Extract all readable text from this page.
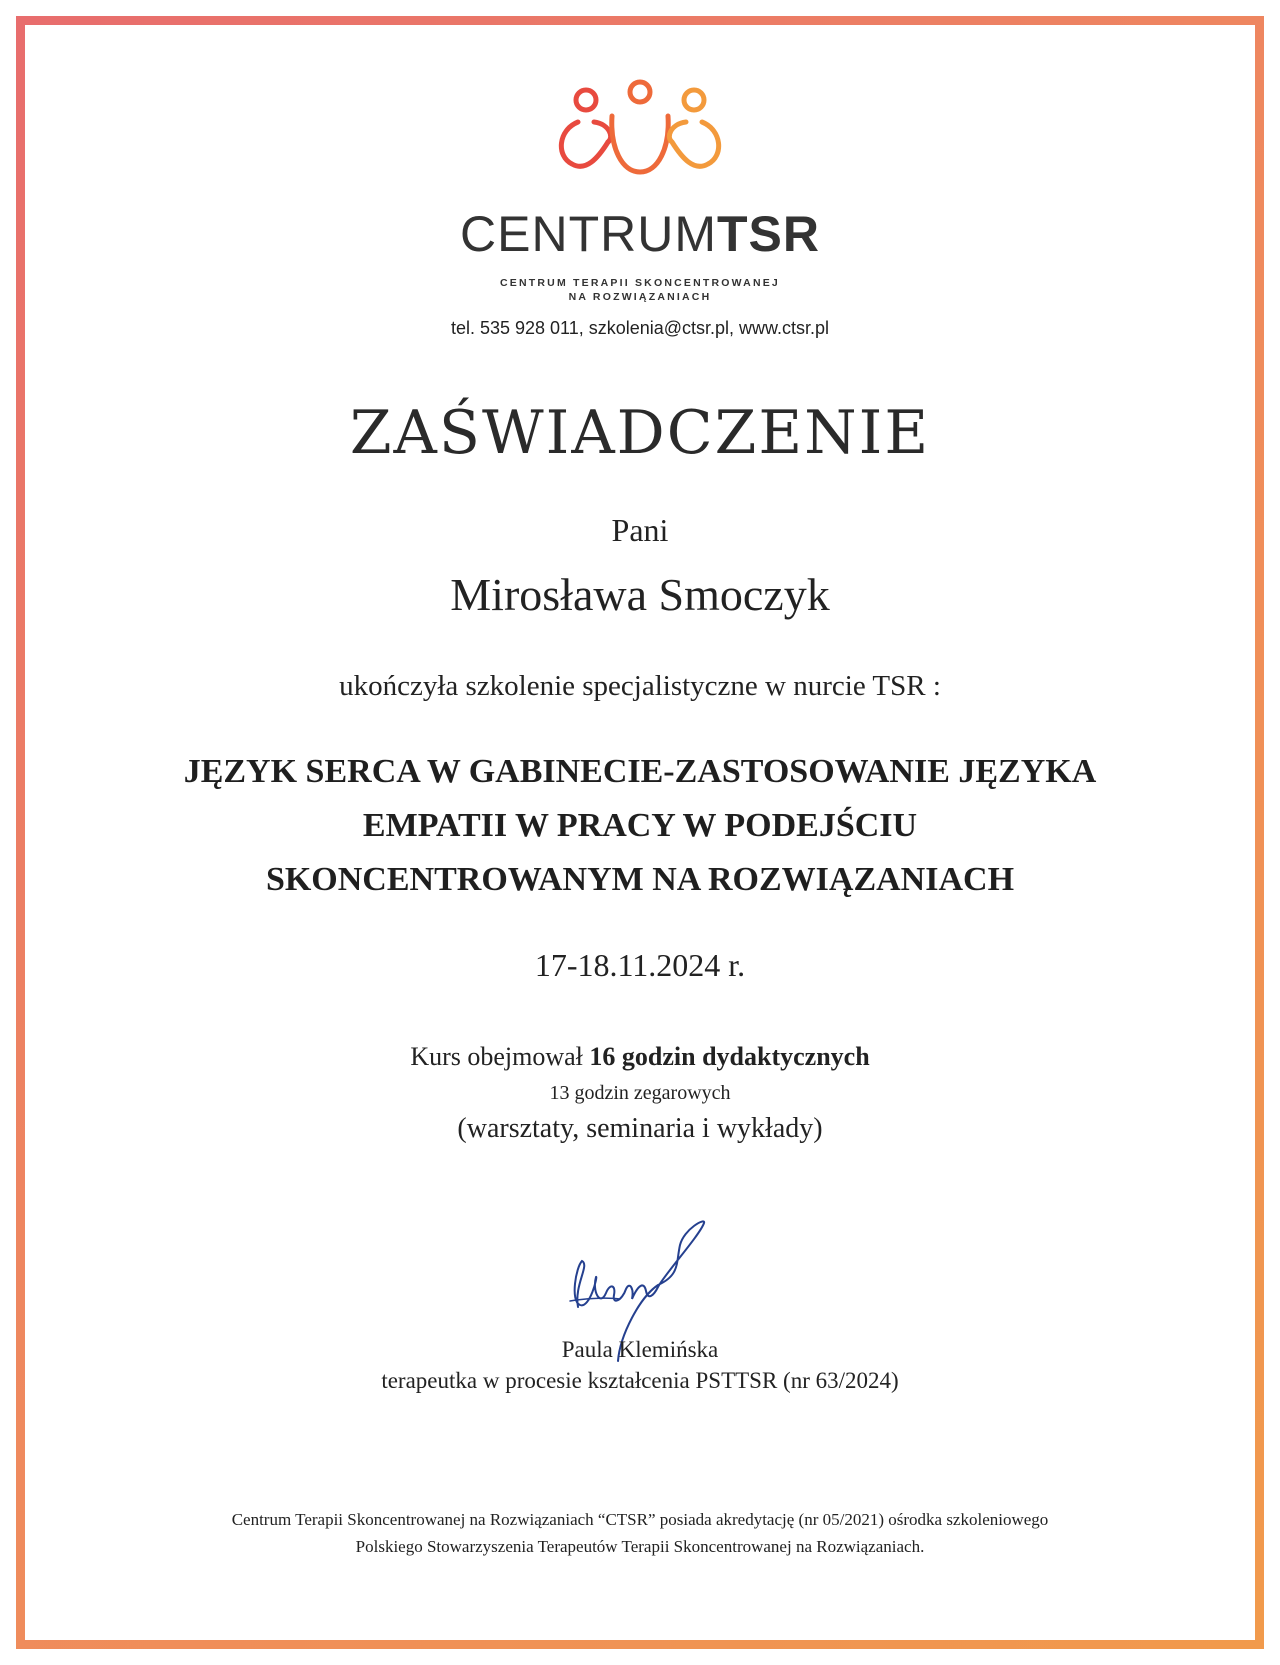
CENTRUMTSR
CENTRUM TERAPII SKONCENTROWANEJ
NA ROZWIĄZANIACH
tel. 535 928 011, szkolenia@ctsr.pl, www.ctsr.pl
ZAŚWIADCZENIE
Pani
Mirosława Smoczyk
ukończyła szkolenie specjalistyczne w nurcie TSR :
JĘZYK SERCA W GABINECIE-ZASTOSOWANIE JĘZYKA
EMPATII W PRACY W PODEJŚCIU
SKONCENTROWANYM NA ROZWIĄZANIACH
17-18.11.2024 r.
Kurs obejmował 16 godzin dydaktycznych
13 godzin zegarowych
(warsztaty, seminaria i wykłady)
Paula Klemińska
terapeutka w procesie kształcenia PSTTSR (nr 63/2024)
Centrum Terapii Skoncentrowanej na Rozwiązaniach “CTSR” posiada akredytację (nr 05/2021) ośrodka szkoleniowego
Polskiego Stowarzyszenia Terapeutów Terapii Skoncentrowanej na Rozwiązaniach.
